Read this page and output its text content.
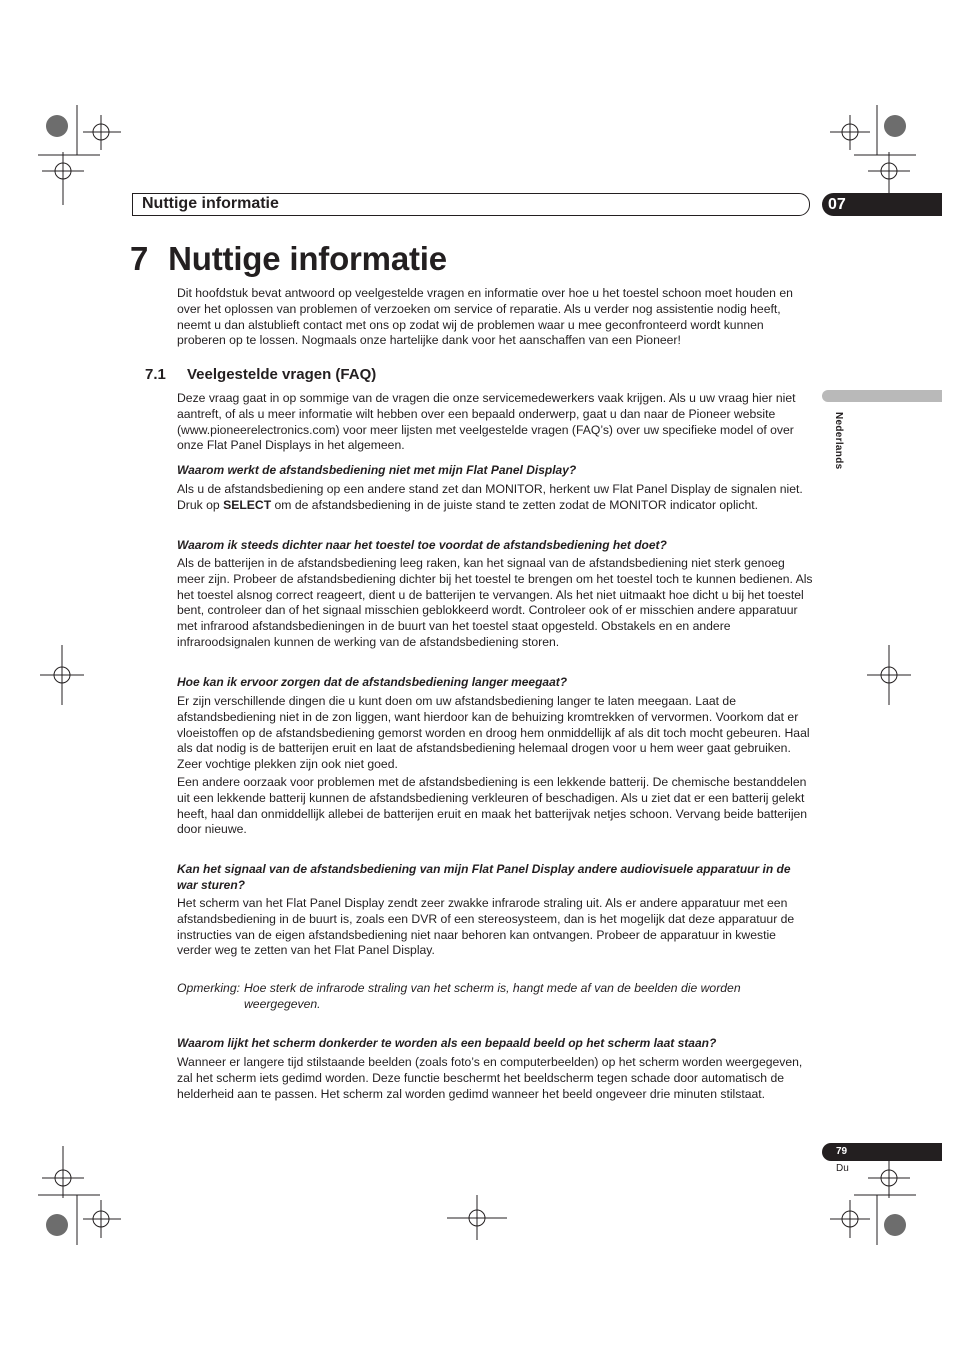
Nuttige informatie	07
7 Nuttige informatie
Dit hoofdstuk bevat antwoord op veelgestelde vragen en informatie over hoe u het toestel schoon moet houden en over het oplossen van problemen of verzoeken om service of reparatie. Als u verder nog assistentie nodig heeft, neemt u dan alstublieft contact met ons op zodat wij de problemen waar u mee geconfronteerd wordt kunnen proberen op te lossen. Nogmaals onze hartelijke dank voor het aanschaffen van een Pioneer!
7.1 Veelgestelde vragen (FAQ)
Deze vraag gaat in op sommige van de vragen die onze servicemedewerkers vaak krijgen. Als u uw vraag hier niet aantreft, of als u meer informatie wilt hebben over een bepaald onderwerp, gaat u dan naar de Pioneer website (www.pioneerelectronics.com) voor meer lijsten met veelgestelde vragen (FAQ’s) over uw specifieke model of over onze Flat Panel Displays in het algemeen.
Waarom werkt de afstandsbediening niet met mijn Flat Panel Display?
Als u de afstandsbediening op een andere stand zet dan MONITOR, herkent uw Flat Panel Display de signalen niet. Druk op SELECT om de afstandsbediening in de juiste stand te zetten zodat de MONITOR indicator oplicht.
Waarom ik steeds dichter naar het toestel toe voordat de afstandsbediening het doet?
Als de batterijen in de afstandsbediening leeg raken, kan het signaal van de afstandsbediening niet sterk genoeg meer zijn. Probeer de afstandsbediening dichter bij het toestel te brengen om het toestel toch te kunnen bedienen. Als het toestel alsnog correct reageert, dient u de batterijen te vervangen. Als het niet uitmaakt hoe dicht u bij het toestel bent, controleer dan of het signaal misschien geblokkeerd wordt. Controleer ook of er misschien andere apparatuur met infrarood afstandsbedieningen in de buurt van het toestel staat opgesteld. Obstakels en en andere infraroodsignalen kunnen de werking van de afstandsbediening storen.
Hoe kan ik ervoor zorgen dat de afstandsbediening langer meegaat?
Er zijn verschillende dingen die u kunt doen om uw afstandsbediening langer te laten meegaan. Laat de afstandsbediening niet in de zon liggen, want hierdoor kan de behuizing kromtrekken of vervormen. Voorkom dat er vloeistoffen op de afstandsbediening gemorst worden en droog hem onmiddellijk af als dit toch mocht gebeuren. Haal als dat nodig is de batterijen eruit en laat de afstandsbediening helemaal drogen voor u hem weer gaat gebruiken. Zeer vochtige plekken zijn ook niet goed.
Een andere oorzaak voor problemen met de afstandsbediening is een lekkende batterij. De chemische bestanddelen uit een lekkende batterij kunnen de afstandsbediening verkleuren of beschadigen. Als u ziet dat er een batterij gelekt heeft, haal dan onmiddellijk allebei de batterijen eruit en maak het batterijvak netjes schoon. Vervang beide batterijen door nieuwe.
Kan het signaal van de afstandsbediening van mijn Flat Panel Display andere audiovisuele apparatuur in de war sturen?
Het scherm van het Flat Panel Display zendt zeer zwakke infrarode straling uit. Als er andere apparatuur met een afstandsbediening in de buurt is, zoals een DVR of een stereosysteem, dan is het mogelijk dat deze apparatuur de instructies van de eigen afstandsbediening niet naar behoren kan ontvangen. Probeer de apparatuur in kwestie verder weg te zetten van het Flat Panel Display.
Opmerking: Hoe sterk de infrarode straling van het scherm is, hangt mede af van de beelden die worden weergegeven.
Waarom lijkt het scherm donkerder te worden als een bepaald beeld op het scherm laat staan?
Wanneer er langere tijd stilstaande beelden (zoals foto’s en computerbeelden) op het scherm worden weergegeven, zal het scherm iets gedimd worden. Deze functie beschermt het beeldscherm tegen schade door automatisch de helderheid aan te passen. Het scherm zal worden gedimd wanneer het beeld ongeveer drie minuten stilstaat.
Nederlands
79
Du
